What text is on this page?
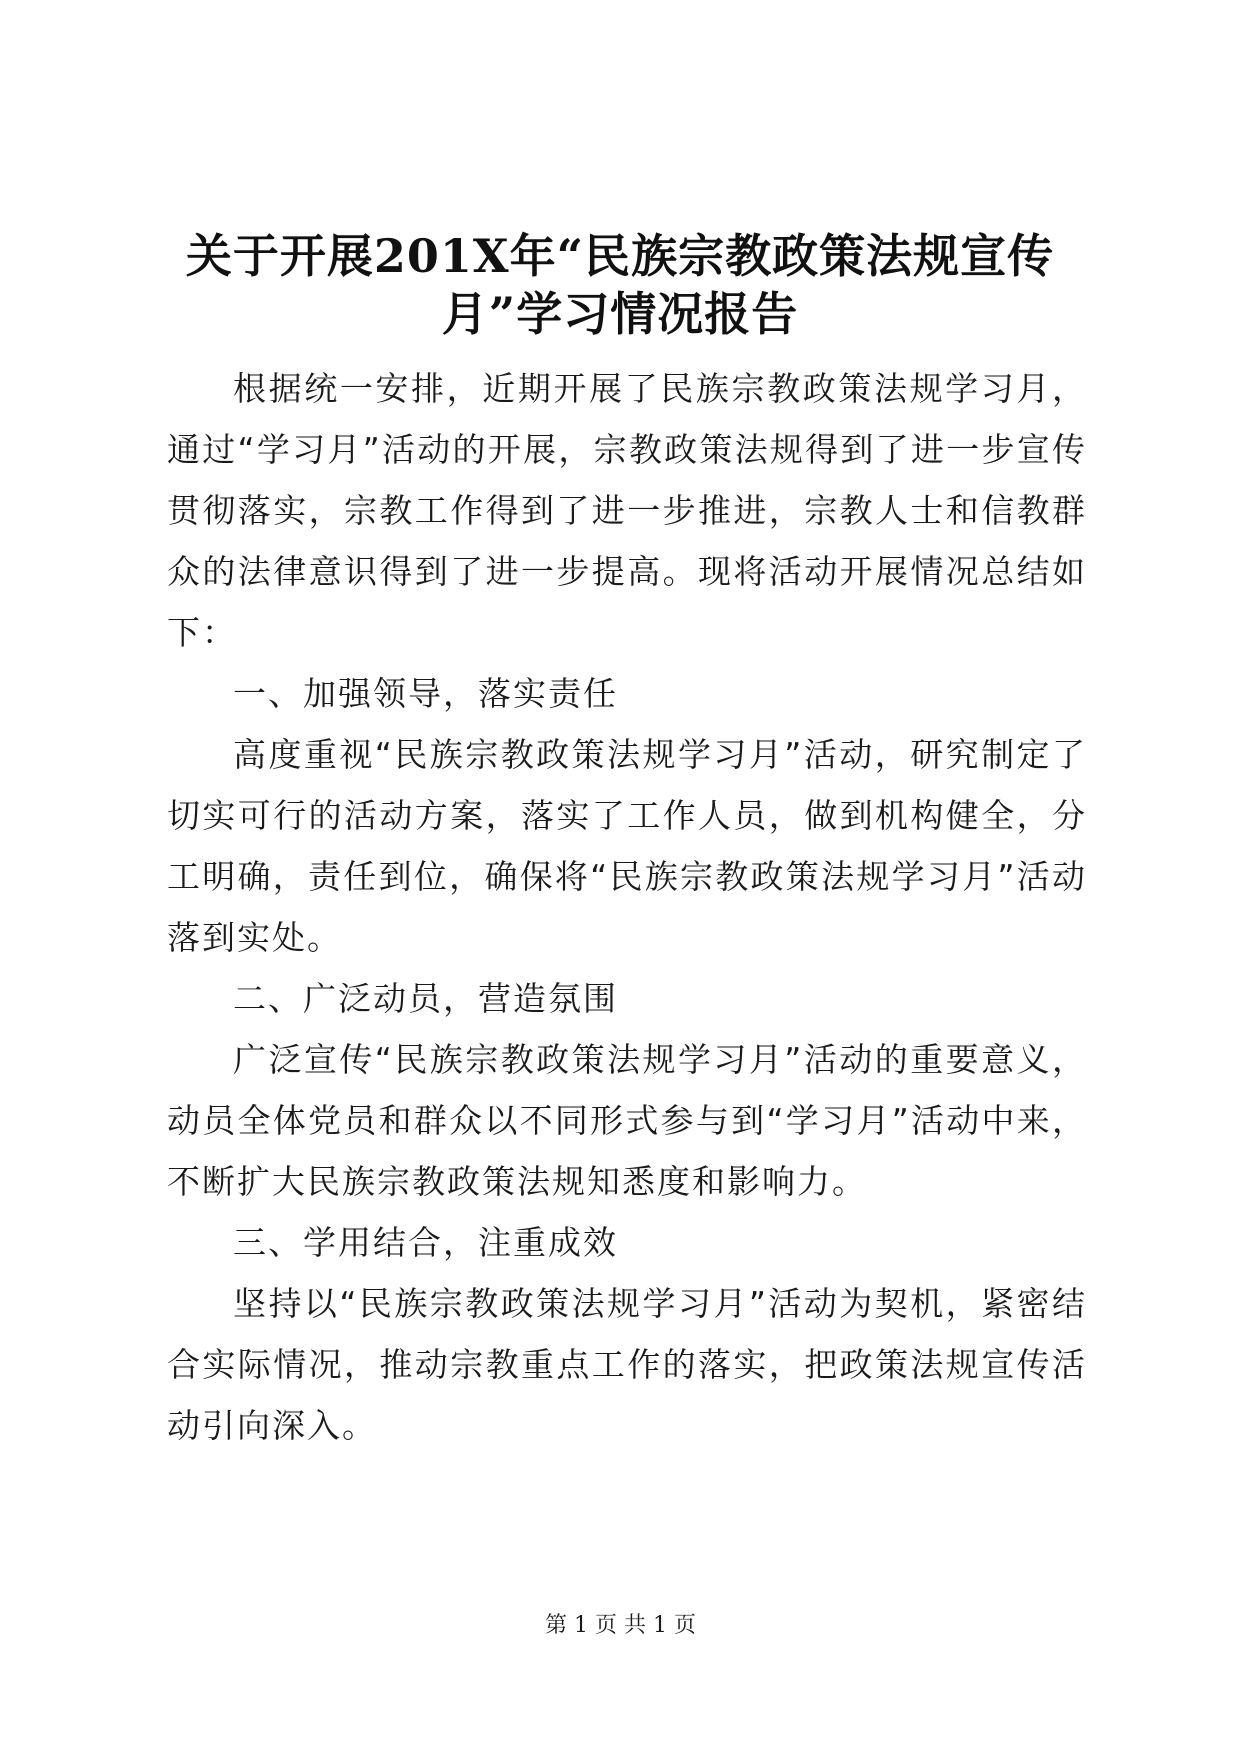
关于开展201X年“民族宗教政策法规宣传
月”学习情况报告

根据统一安排，近期开展了民族宗教政策法规学习月，通过“学习月”活动的开展，宗教政策法规得到了进一步宣传贯彻落实，宗教工作得到了进一步推进，宗教人士和信教群众的法律意识得到了进一步提高。现将活动开展情况总结如下：

一、加强领导，落实责任

高度重视“民族宗教政策法规学习月”活动，研究制定了切实可行的活动方案，落实了工作人员，做到机构健全，分工明确，责任到位，确保将“民族宗教政策法规学习月”活动落到实处。

二、广泛动员，营造氛围

广泛宣传“民族宗教政策法规学习月”活动的重要意义，动员全体党员和群众以不同形式参与到“学习月”活动中来，不断扩大民族宗教政策法规知悉度和影响力。

三、学用结合，注重成效

坚持以“民族宗教政策法规学习月”活动为契机，紧密结合实际情况，推动宗教重点工作的落实，把政策法规宣传活动引向深入。

第 1 页 共 1 页
